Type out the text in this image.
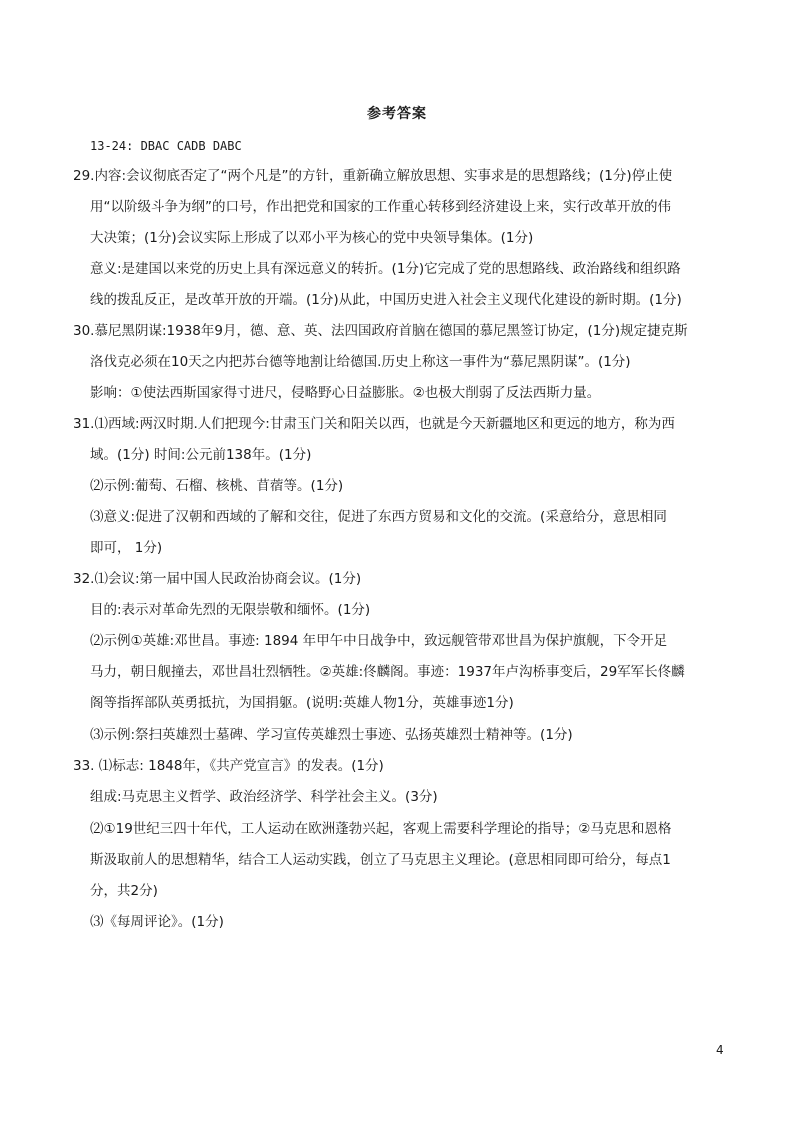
参考答案
13-24: DBAC CADB DABC
29.内容:会议彻底否定了“两个凡是”的方针，重新确立解放思想、实事求是的思想路线；(1分)停止使
用“以阶级斗争为纲”的口号，作出把党和国家的工作重心转移到经济建设上来，实行改革开放的伟
大决策；(1分)会议实际上形成了以邓小平为核心的党中央领导集体。(1分)
意义:是建国以来党的历史上具有深远意义的转折。(1分)它完成了党的思想路线、政治路线和组织路
线的拨乱反正，是改革开放的开端。(1分)从此，中国历史进入社会主义现代化建设的新时期。(1分)
30.慕尼黑阴谋:1938年9月，德、意、英、法四国政府首脑在德国的慕尼黑签订协定，(1分)规定捷克斯
洛伐克必须在10天之内把苏台德等地割让给德国.历史上称这一事件为“慕尼黑阴谋”。(1分)
影响：①使法西斯国家得寸进尺，侵略野心日益膨胀。②也极大削弱了反法西斯力量。
31.⑴西域:两汉时期.人们把现今:甘肃玉门关和阳关以西，也就是今天新疆地区和更远的地方，称为西
域。(1分) 时间:公元前138年。(1分)
⑵示例:葡萄、石榴、核桃、苜蓿等。(1分)
⑶意义:促进了汉朝和西域的了解和交往，促进了东西方贸易和文化的交流。(采意给分，意思相同
即可， 1分)
32.⑴会议:第一届中国人民政治协商会议。(1分)
目的:表示对革命先烈的无限崇敬和缅怀。(1分)
⑵示例①英雄:邓世昌。事迹: 1894 年甲午中日战争中，致远舰管带邓世昌为保护旗舰，下令开足
马力，朝日舰撞去，邓世昌壮烈牺牲。②英雄:佟麟阁。事迹：1937年卢沟桥事变后，29军军长佟麟
阁等指挥部队英勇抵抗，为国捐躯。(说明:英雄人物1分，英雄事迹1分)
⑶示例:祭扫英雄烈士墓碑、学习宣传英雄烈士事迹、弘扬英雄烈士精神等。(1分)
33. ⑴标志: 1848年，《共产党宣言》的发表。(1分)
组成:马克思主义哲学、政治经济学、科学社会主义。(3分)
⑵①19世纪三四十年代，工人运动在欧洲蓬勃兴起，客观上需要科学理论的指导；②马克思和恩格
斯汲取前人的思想精华，结合工人运动实践，创立了马克思主义理论。(意思相同即可给分，每点1
分，共2分)
⑶《每周评论》。(1分)
4
